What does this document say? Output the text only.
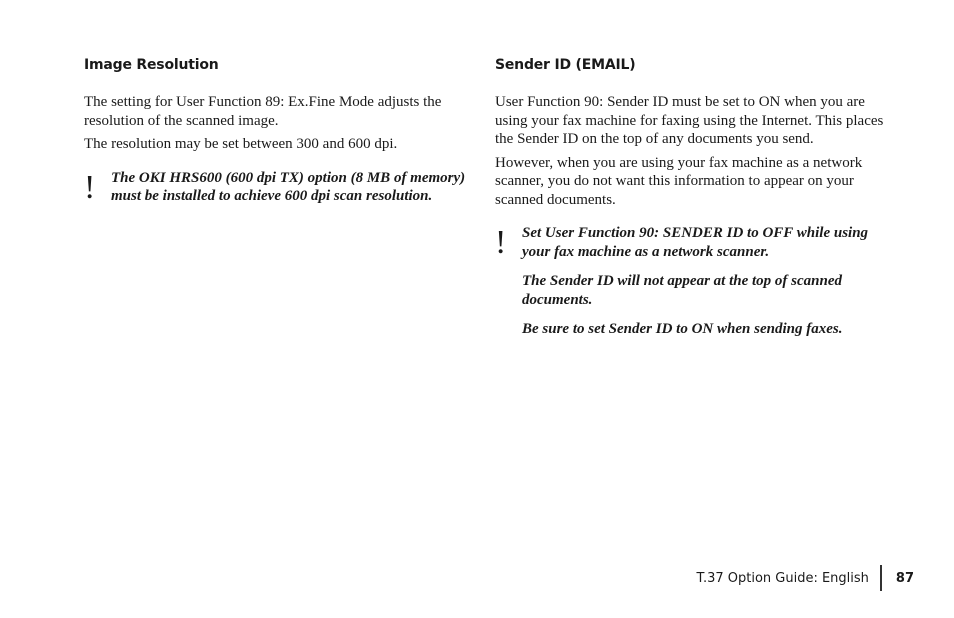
Image Resolution

The setting for User Function 89: Ex.Fine Mode adjusts the resolution of the scanned image.

The resolution may be set between 300 and 600 dpi.

! The OKI HRS600 (600 dpi TX) option (8 MB of memory) must be installed to achieve 600 dpi scan resolution.

Sender ID (EMAIL)

User Function 90: Sender ID must be set to ON when you are using your fax machine for faxing using the Internet. This places the Sender ID on the top of any documents you send.

However, when you are using your fax machine as a network scanner, you do not want this information to appear on your scanned documents.

! Set User Function 90: SENDER ID to OFF while using your fax machine as a network scanner.

The Sender ID will not appear at the top of scanned documents.

Be sure to set Sender ID to ON when sending faxes.

T.37 Option Guide: English 87
